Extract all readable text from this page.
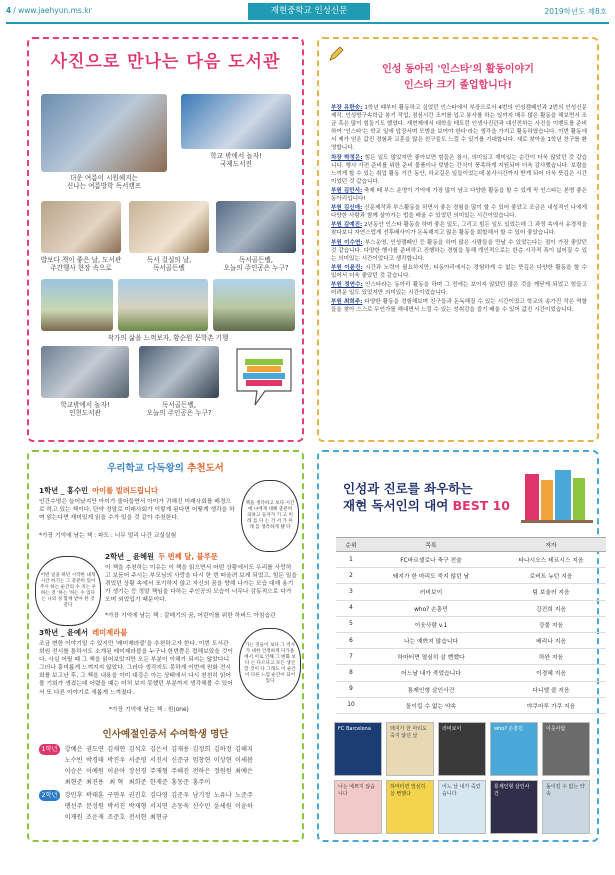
4 / www.jaehyun.ms.kr	재현중학교 인성신문	2019학년도 제8호
사진으로 만나는 다음 도서관
더운 여름이 시원해지는
신나는 여름방학 독서캠프
학교 밖에서 놀자!
국제도서전
밥보다 책이 좋은 날, 도서관
주간행사 현장 속으로
독서 걸설의 날,
독서골든벨
독서골든벨,
오늘의 주인공은 누구?
작가의 삶을 느껴보자, 황순원 문학촌 기행
학교밖에서 놀자!
인천도서관
독서골든벨,
오늘의 주인공은 누구?
인성 동아리 '인스타'의 활동이야기
인스타 크기 졸업합니다!

부장 유한승: 1학년 때부터 활동하고 싶었던 인스타에서 부장으로서 4번의 인성캠페인과 2번의 인성신문 제작, 인성방구속학급 봉기 작업, 점심시간 조끼를 입고 봉사를 하는 일까지 매우 많은 활동을 해보면서 조금 혹은 많이 힘들기도 했었다. 재현제에서 대학을 테트런 인생사진관과 대신전하는 사진을 이벤트를 준비하여 '인스타'는 학교 일에 앞장서며 모범을 보여야 한다'라는 생각을 가지고 활동하였습니다. 이번 활동에서 제가 얻은 값진 경험과 교훈을 많은 친구들도 느낄 수 있기를 기대합니다. 새로 찾아올 1학년 친구를 환영합니다.

차장 박정은: 힘든 일도 많았지만 좋아보면 힘들은 참시, 의미있고 재미있는 순간이 더욱 많았던 것 같습니다. 행사 사전 준비를 위한 준비 물품이나 텃밭는 간식이 풍족하게 지원되어 더욱 감사했습니다. 보람을 느끼게 할 수 있는 취업 활동 기간 동안, 하교길은 일들이었는데 봉사시간까지 받게 되어 더욱 뜻깊은 시간이었던 것 같습니다.

부원 김민서: 축제 때 부스 운영이 기억에 가장 많이 남고 다양한 활동을 할 수 있게 꼭 인스타는 본명 좋은 동아리입니다!

부원 김신애: 신문제작과 부스활동을 하면서 좋은 경험을 많이 할 수 있어 좋았고 조금은 내성적인 나에게 다양한 사람과 함께 살아가는 법을 배울 수 있었던 의미있는 시간이었습니다.

부원 김예진: 2년동안 인스타 활동을 하며 좋은 일도, 그리고 힘든 일도 있었는데 그 과정 속에서 유경적을 찾다보니 자연스럽게 선후배사이가 돈독해지고 많은 활동을 회합해서 할 수 있어 좋았습니다.

부원 이수연: 부스운영, 인성캠페인 등 활동을 하며 많은 사람들을 만날 수 있었는다는 점이 가장 좋았던 것 같습니다. 다양한 행사를 준비하고 진행하는 경험을 통해 개인적으로는 한층 시각적 폭이 넓어질 수 있는 의미있는 시간이었다고 생각합니다.

부원 이윤진: 시간과 노력이 필요하지만, 티동아리에서는 경험하게 수 없는 뜻깊은 다양한 활동을 할 수 있어서 더욱 좋았던 것 같습니다.

부원 정연수: 인스타라는 동아리 활동을 하며 그 전에는 보이지 않았던 많은 것을 깨닫게 되었고 힘들고 어려운 일도 있었지만 의미있는 시간이었습니다.

부원 최희주: 다양한 활동을 경험해보며 친구들과 돈독해질 수 있는 시간이었고 학교의 송가진 작은 역할들을 찾아 스스로 무언가를 해내면서 느낄 수 있는 성취감을 즐기 배울 수 있어 값진 시간이었습니다.

우리학교 다독왕의 추천도서
1학년 _ 홍수민 아이를 빌려드립니다
인간수명은 늘어났지만 아이가 줄어들면서 아이가 귀해진 미래사회를 배경으로 하고 있는 책이다. 단약 정말로 미래사회가 이렇게 된다면 어떻게 생각을 하며 읽는다면 재미있게 읽을 수가 있을 것 같아 추천한다.
*가장 기억에 남는 책 : 파도 : 너무 멀리 나간 교실실험
책을 생각하고 보다 시간에 나에게 대해 충분히 의하고 들자가 기 고 미래 를 다 는 거 서 가 미래 를 생각하게 됐 다
2학년 _ 윤혜원 두 번째 달, 블루문
이 책을 추천하는 이유는 이 책을 읽으면서 어떤 상황에서도 우리를 사랑하고 보듬어 주시는 부모님의 사랑을 다시 한 번 떠올려 보게 되었고, 힘든 일을 겪었던 상황 속에서 포기하지 않고 자신의 꿈을 향해 나가는 모습 대해 용기가 생기는 등 정말 책임을 다하는 주인공의 모습이 너무나 감동적으로 다가오며 외었입기 때문이다.
*가장 기억에 남는 책 : 갈매기의 꿈, 어린이를 위한 하버드 아침습관
어떤 일을 하던 시작한 내게 시간 하기는 그 충분히 있어 주시 하는 순간의 수 지는 우 하는 것 '하는 '하는 수 있다 는 나의 경 함께 받아 한 것 같다
3학년 _ 윤예서 레미제라블
조금 변한 이야기일 수 있지만 '레미제라블'을 추천하고자 한다. 이번 도서관 희원 전시를 통하셔도 소개된 레미제라블을 누구나 한번쯤은 접해보았을 것이다. 사실 어릴 때 그 책을 읽어보았지만 오든 부분이 이해가 되지는 않았다니 그러나 흥미롭게 느껴지지 않았다. 그러다 생각지도 못하게 이번에 원화 전시회를 보고난 후, 그 책을 내용을 이미 대강은 아는 상태에서 다시 천천히 읽어볼 기회가 생겼는데 어렸을 때는 미처 보지 못했던 부분까지 생각해볼 수 있어서 또 다른 이야기로 새롭게 느껴졌다.
*가장 기억에 남는 책 : 원(one)
가는 것들이 보다 그 역사가 대한 인정하게 다가올 에서 이로 인해 그 변화 보다 는 다르다고 모든 생산 할 것이 다 그래도 이 순간이 다른 느낌 순간이 되어 있다
인사예절인증서 수여학생 명단
1학년	강예은 권도연 김새연 김석호 김은서 김재용 김정희 김하정 김해지
노수빈 박경태 박진우 서준영 서진서 신준규 엄창현 이상현 이새봄
이승은 이예원 이윤아 장선경 주재형 주해진 전하은 정원원 최예은
최현준 최진용 최 혁 최희준 한재준 홍동준 홍주이
2학년	강민후 곽태훈 구연우 권진호 김다영 김준우 남기정 노유나 노준주
맹선주 문성원 박서진 박재형 서지연 손동욱 신수민 윤세원 이윤하
이재원 조운재 조준호 전서현 최현규
인성과 진로를 좌우하는
재현 독서인의 대여 BEST 10
순위	목록	저자
1	FC바르셀로나 축구 전술	타나시오스 테르시스 지음
2	돼지가 한 마리도 죽지 않던 날	로버트 뉴턴 지음
3	러비보이	팀 보울러 지음
4	who? 손흥민	강진희 지음
5	이웃사람 v.1	강풀 지음
6	나는 예쁘지 않습니다	배리나 지음
7	하마터면 열심히 살 뻔했다	하완 지음
8	어느날 내가 죽었습니다	이경혜 지음
9	통제인형 살인사건	다니엘 콜 지음
10	돌이킬 수 없는 약속	야쿠마루 가쿠 지음
FC Barcelona	돼지가 한 마리도 죽지 않던 날
러비보이	who? 손흥민	이웃사람
나는 예쁘지 않습니다
하마터면 열심히 살 뻔했다
어느 날 내가 죽었습니다
통제인형 살인사건
돌이킬 수 없는 약속
